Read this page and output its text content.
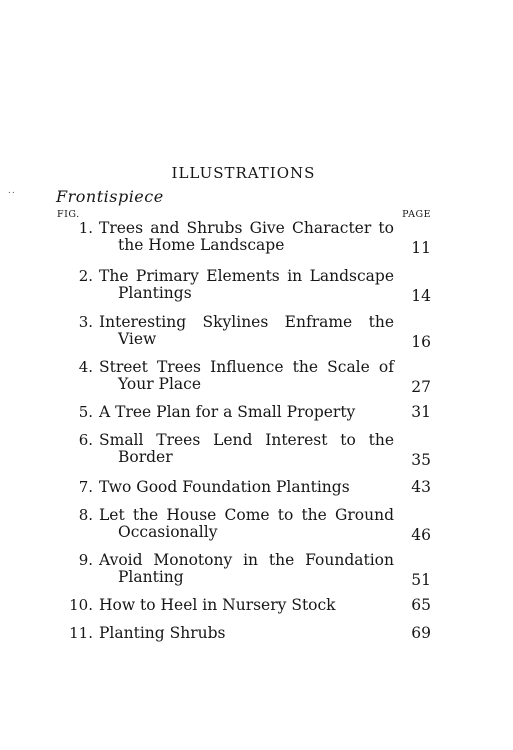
..
ILLUSTRATIONS
Frontispiece
FIG.	PAGE
1. Trees and Shrubs Give Character to
the Home Landscape	11
2. The Primary Elements in Landscape
Plantings	14
3. Interesting Skylines Enframe the
View	16
4. Street Trees Influence the Scale of
Your Place	27
5. A Tree Plan for a Small Property	31
6. Small Trees Lend Interest to the
Border	35
7. Two Good Foundation Plantings	43
8. Let the House Come to the Ground
Occasionally	46
9. Avoid Monotony in the Foundation
Planting	51
10. How to Heel in Nursery Stock	65
11. Planting Shrubs	69
